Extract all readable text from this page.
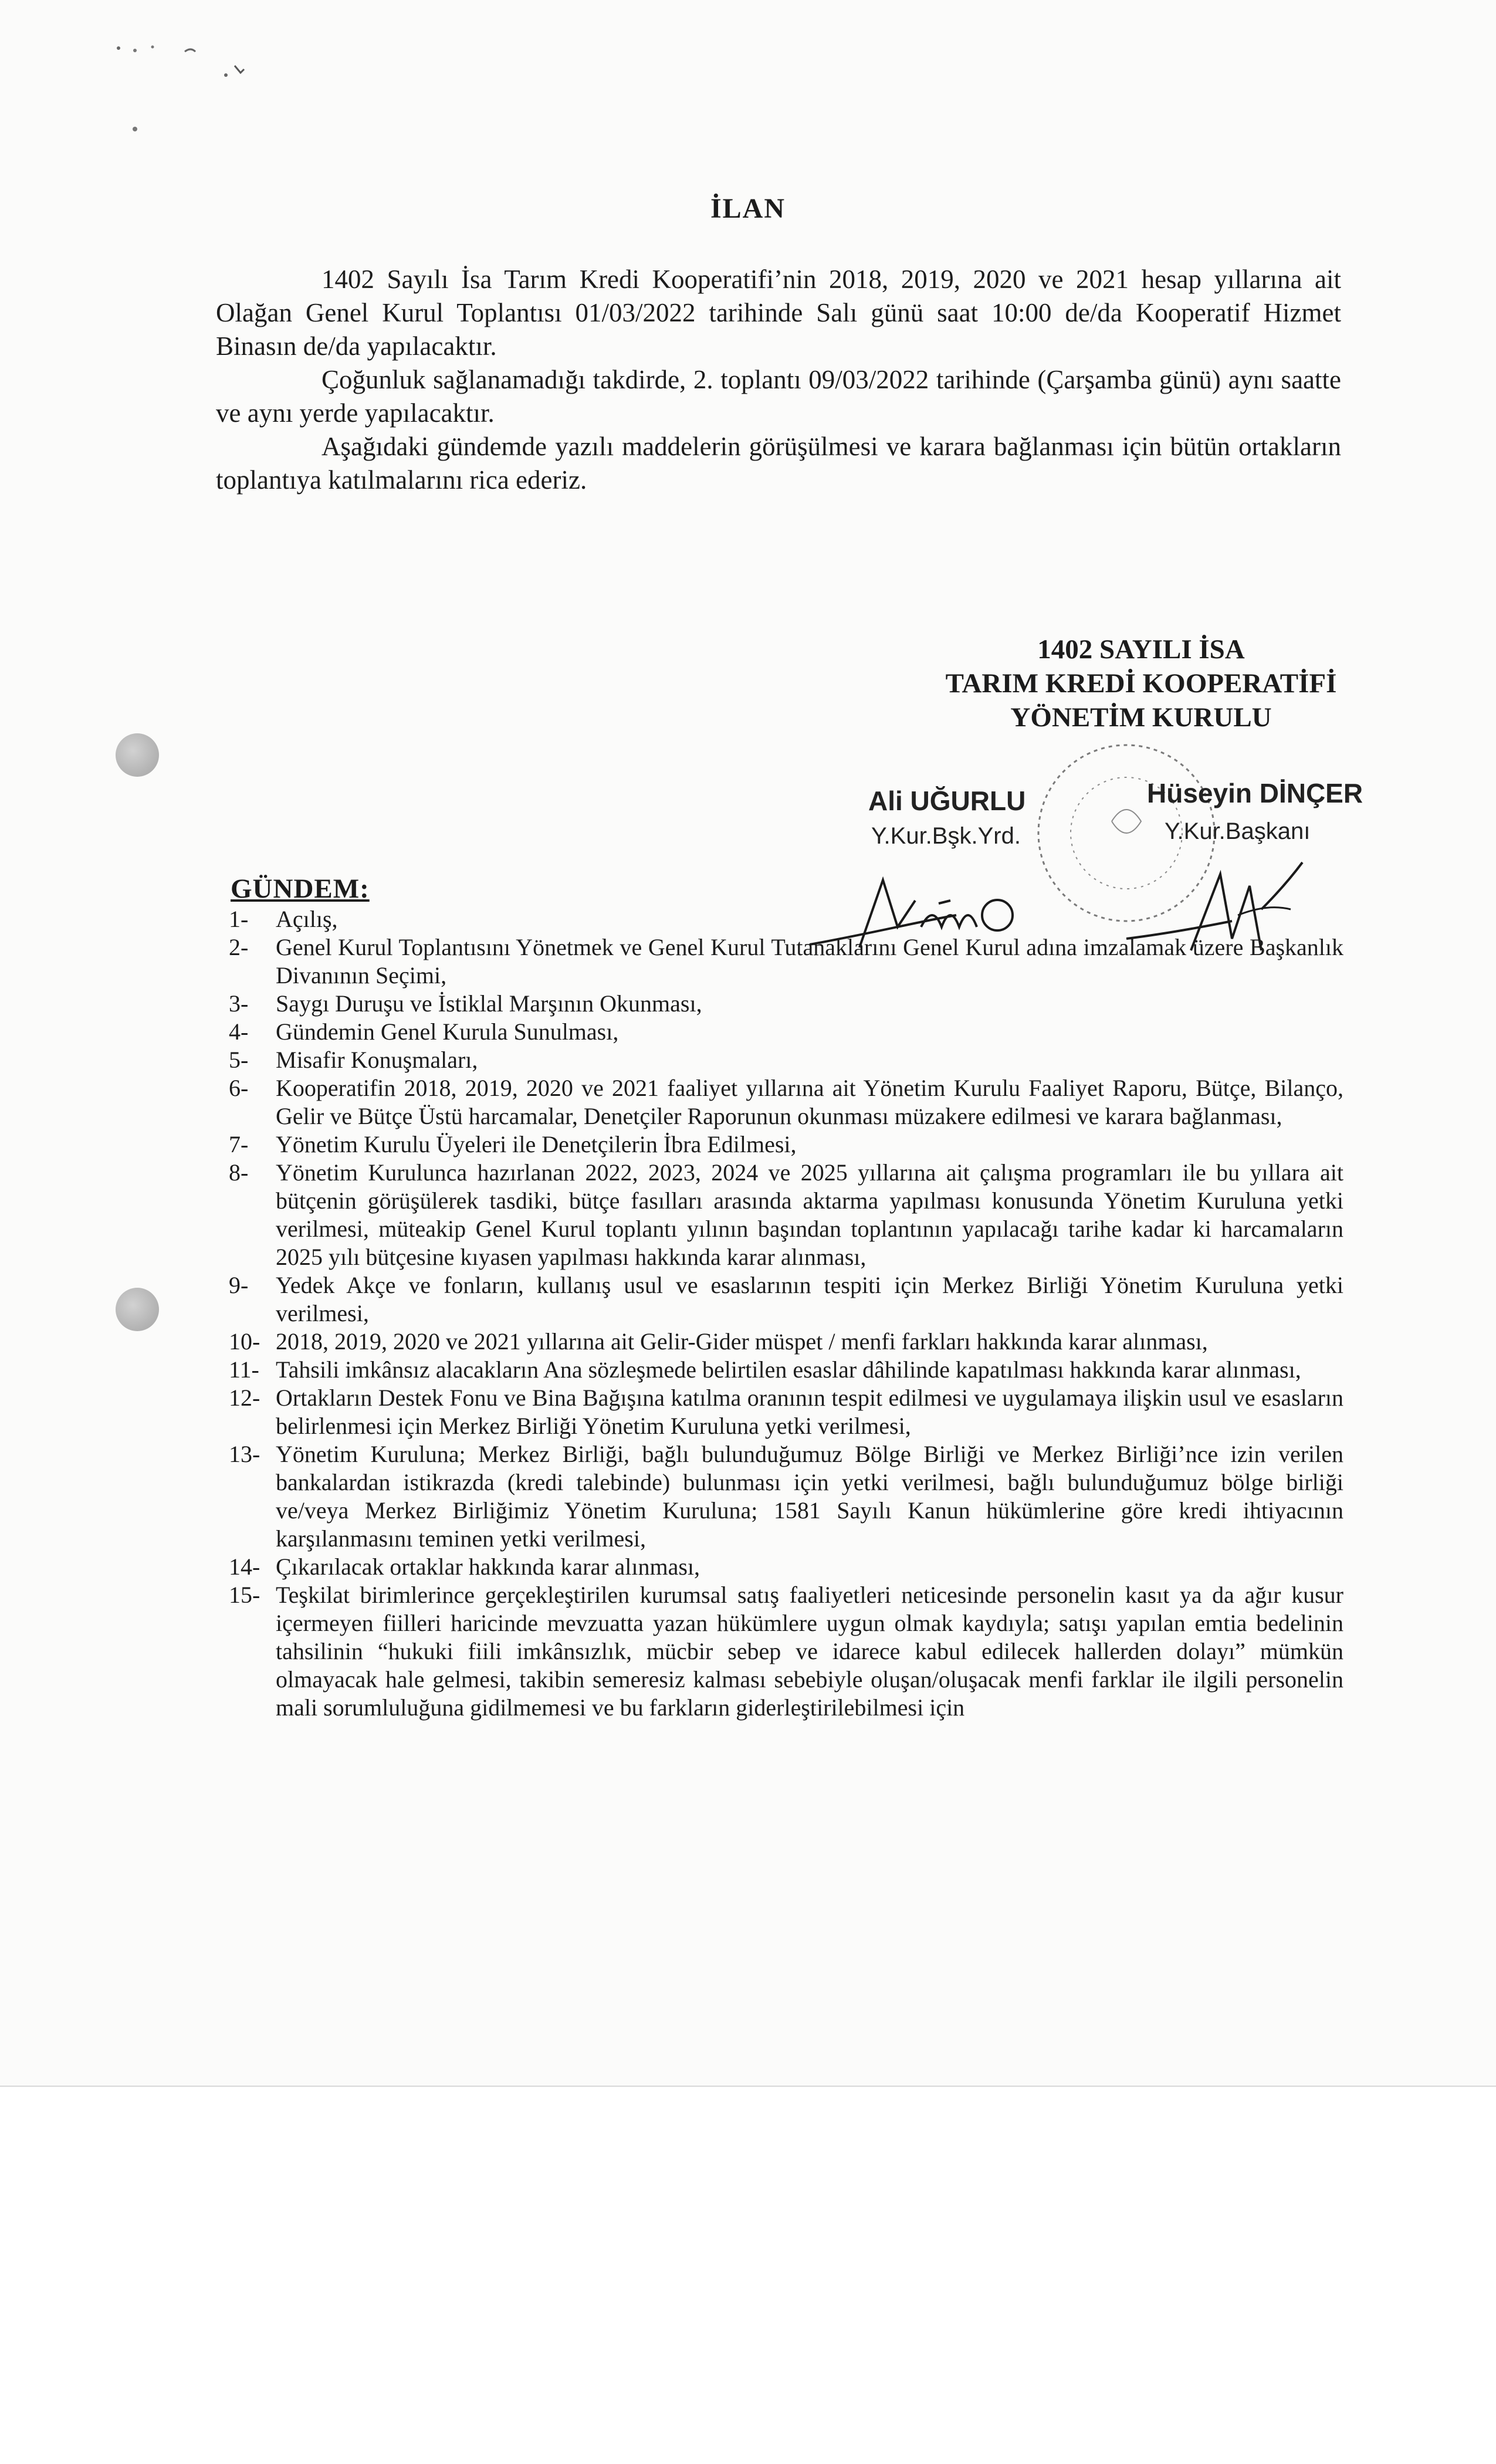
İLAN

1402 Sayılı İsa Tarım Kredi Kooperatifi’nin 2018, 2019, 2020 ve 2021 hesap yıllarına ait Olağan Genel Kurul Toplantısı 01/03/2022 tarihinde Salı günü saat 10:00 de/da Kooperatif Hizmet Binasın de/da yapılacaktır.

Çoğunluk sağlanamadığı takdirde, 2. toplantı 09/03/2022 tarihinde (Çarşamba günü) aynı saatte ve aynı yerde yapılacaktır.

Aşağıdaki gündemde yazılı maddelerin görüşülmesi ve karara bağlanması için bütün ortakların toplantıya katılmalarını rica ederiz.

1402 SAYILI İSA
TARIM KREDİ KOOPERATİFİ
YÖNETİM KURULU
Ali UĞURLU
Y.Kur.Bşk.Yrd.
Hüseyin DİNÇER
Y.Kur.Başkanı
GÜNDEM:
1-	Açılış,
2-	Genel Kurul Toplantısını Yönetmek ve Genel Kurul Tutanaklarını Genel Kurul adına imzalamak üzere Başkanlık Divanının Seçimi,
3-	Saygı Duruşu ve İstiklal Marşının Okunması,
4-	Gündemin Genel Kurula Sunulması,
5-	Misafir Konuşmaları,
6-	Kooperatifin 2018, 2019, 2020 ve 2021 faaliyet yıllarına ait Yönetim Kurulu Faaliyet Raporu, Bütçe, Bilanço, Gelir ve Bütçe Üstü harcamalar, Denetçiler Raporunun okunması müzakere edilmesi ve karara bağlanması,
7-	Yönetim Kurulu Üyeleri ile Denetçilerin İbra Edilmesi,
8-	Yönetim Kurulunca hazırlanan 2022, 2023, 2024 ve 2025 yıllarına ait çalışma programları ile bu yıllara ait bütçenin görüşülerek tasdiki, bütçe fasılları arasında aktarma yapılması konusunda Yönetim Kuruluna yetki verilmesi, müteakip Genel Kurul toplantı yılının başından toplantının yapılacağı tarihe kadar ki harcamaların 2025 yılı bütçesine kıyasen yapılması hakkında karar alınması,
9-	Yedek Akçe ve fonların, kullanış usul ve esaslarının tespiti için Merkez Birliği Yönetim Kuruluna yetki verilmesi,
10- 2018, 2019, 2020 ve 2021 yıllarına ait Gelir-Gider müspet / menfi farkları hakkında karar alınması,
11- Tahsili imkânsız alacakların Ana sözleşmede belirtilen esaslar dâhilinde kapatılması hakkında karar alınması,
12- Ortakların Destek Fonu ve Bina Bağışına katılma oranının tespit edilmesi ve uygulamaya ilişkin usul ve esasların belirlenmesi için Merkez Birliği Yönetim Kuruluna yetki verilmesi,
13- Yönetim Kuruluna; Merkez Birliği, bağlı bulunduğumuz Bölge Birliği ve Merkez Birliği’nce izin verilen bankalardan istikrazda (kredi talebinde) bulunması için yetki verilmesi, bağlı bulunduğumuz bölge birliği ve/veya Merkez Birliğimiz Yönetim Kuruluna; 1581 Sayılı Kanun hükümlerine göre kredi ihtiyacının karşılanmasını teminen yetki verilmesi,
14- Çıkarılacak ortaklar hakkında karar alınması,
15- Teşkilat birimlerince gerçekleştirilen kurumsal satış faaliyetleri neticesinde personelin kasıt ya da ağır kusur içermeyen fiilleri haricinde mevzuatta yazan hükümlere uygun olmak kaydıyla; satışı yapılan emtia bedelinin tahsilinin “hukuki fiili imkânsızlık, mücbir sebep ve idarece kabul edilecek hallerden dolayı” mümkün olmayacak hale gelmesi, takibin semeresiz kalması sebebiyle oluşan/oluşacak menfi farklar ile ilgili personelin mali sorumluluğuna gidilmemesi ve bu farkların giderleştirilebilmesi için
